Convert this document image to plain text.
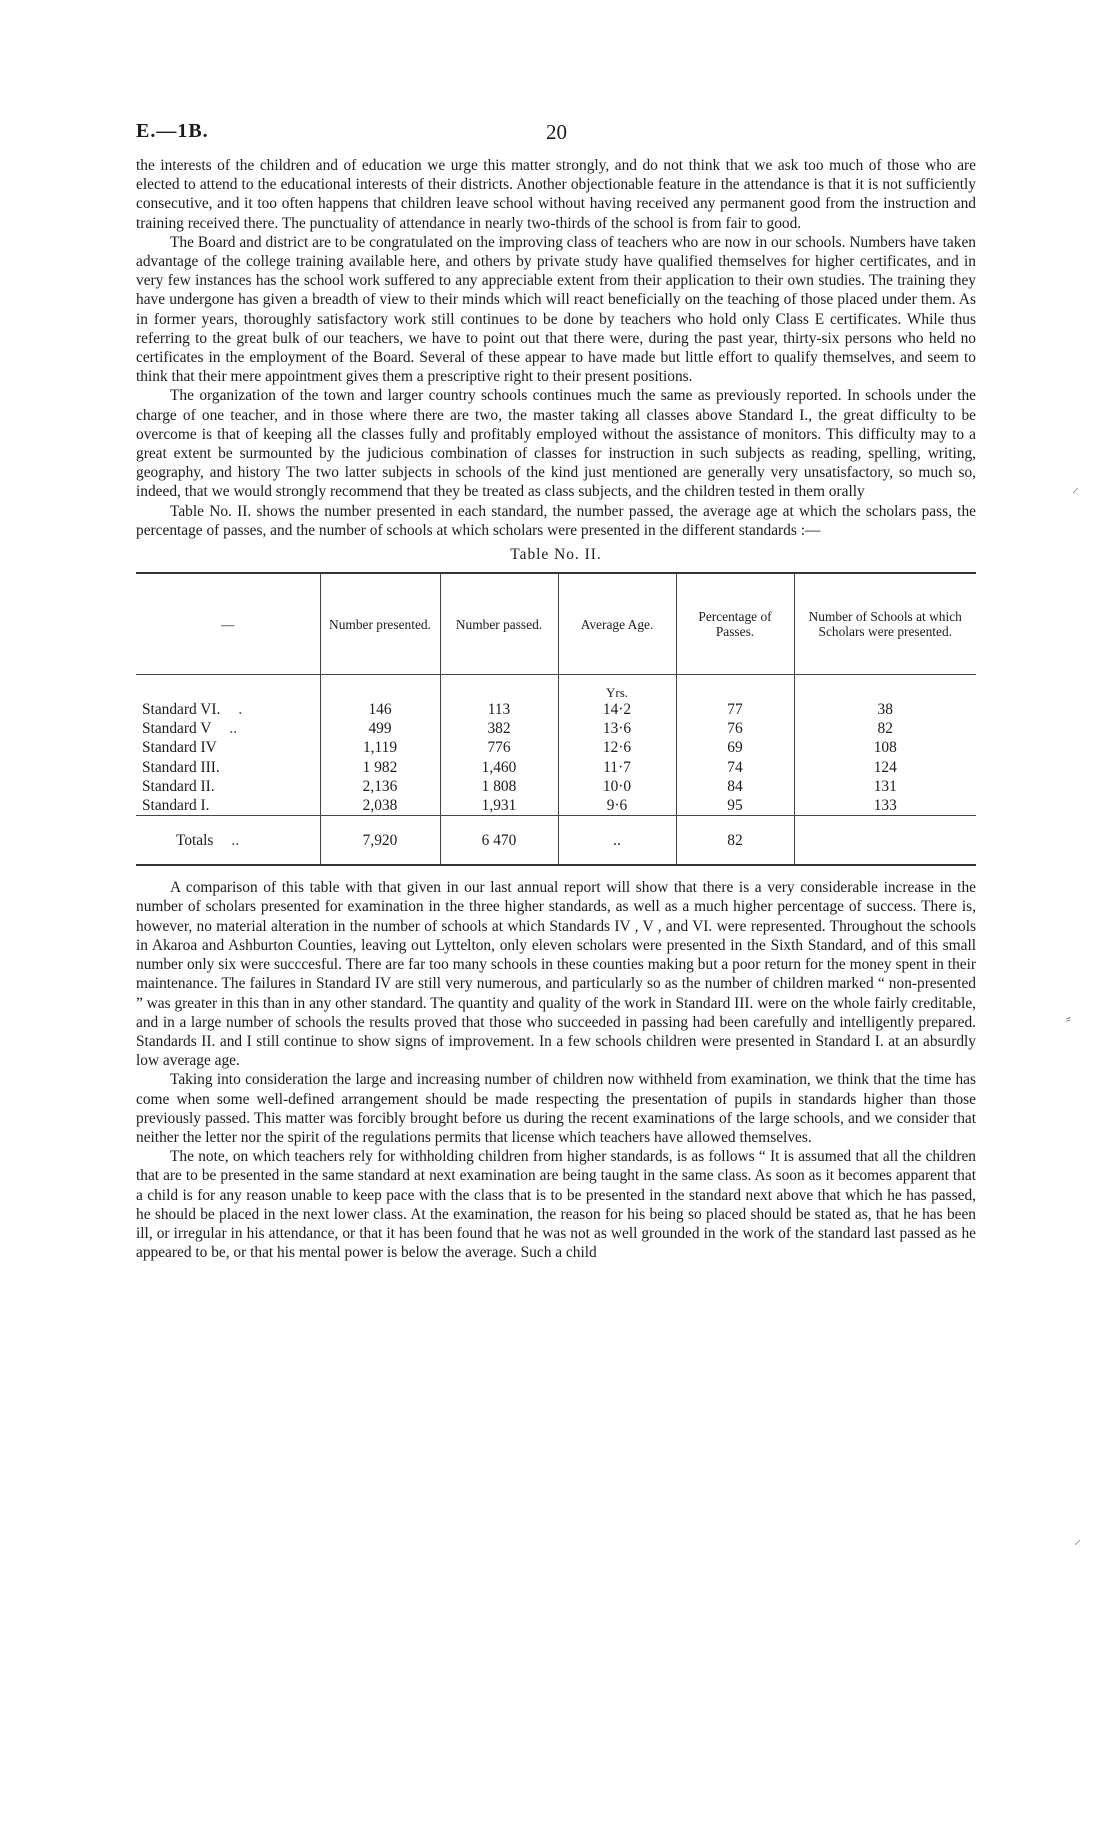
E.—1B.	20

the interests of the children and of education we urge this matter strongly, and do not think that we ask too much of those who are elected to attend to the educational interests of their districts. Another objectionable feature in the attendance is that it is not sufficiently consecutive, and it too often happens that children leave school without having received any permanent good from the instruction and training received there. The punctuality of attendance in nearly two-thirds of the school is from fair to good.

The Board and district are to be congratulated on the improving class of teachers who are now in our schools. Numbers have taken advantage of the college training available here, and others by private study have qualified themselves for higher certificates, and in very few instances has the school work suffered to any appreciable extent from their application to their own studies. The training they have undergone has given a breadth of view to their minds which will react beneficially on the teaching of those placed under them. As in former years, thoroughly satisfactory work still continues to be done by teachers who hold only Class E certificates. While thus referring to the great bulk of our teachers, we have to point out that there were, during the past year, thirty-six persons who held no certificates in the employment of the Board. Several of these appear to have made but little effort to qualify themselves, and seem to think that their mere appointment gives them a prescriptive right to their present positions.

The organization of the town and larger country schools continues much the same as previously reported. In schools under the charge of one teacher, and in those where there are two, the master taking all classes above Standard I., the great difficulty to be overcome is that of keeping all the classes fully and profitably employed without the assistance of monitors. This difficulty may to a great extent be surmounted by the judicious combination of classes for instruction in such subjects as reading, spelling, writing, geography, and history The two latter subjects in schools of the kind just mentioned are generally very unsatisfactory, so much so, indeed, that we would strongly recommend that they be treated as class subjects, and the children tested in them orally

Table No. II. shows the number presented in each standard, the number passed, the average age at which the scholars pass, the percentage of passes, and the number of schools at which scholars were presented in the different standards :—

Table No. II.
—	Number presented.	Number passed.	Average Age.	Percentage of Passes.	Number of Schools at which Scholars were presented.
			Yrs.		
Standard VI. .	146	113	14·2	77	38
Standard V ..	499	382	13·6	76	82
Standard IV	1,119	776	12·6	69	108
Standard III.	1 982	1,460	11·7	74	124
Standard II.	2,136	1 808	10·0	84	131
Standard I.	2,038	1,931	9·6	95	133
Totals ..	7,920	6 470	..	82	

A comparison of this table with that given in our last annual report will show that there is a very considerable increase in the number of scholars presented for examination in the three higher standards, as well as a much higher percentage of success. There is, however, no material alteration in the number of schools at which Standards IV , V , and VI. were represented. Throughout the schools in Akaroa and Ashburton Counties, leaving out Lyttelton, only eleven scholars were presented in the Sixth Standard, and of this small number only six were succcesful. There are far too many schools in these counties making but a poor return for the money spent in their maintenance. The failures in Standard IV are still very numerous, and particularly so as the number of children marked “ non-presented ” was greater in this than in any other standard. The quantity and quality of the work in Standard III. were on the whole fairly creditable, and in a large number of schools the results proved that those who succeeded in passing had been carefully and intelligently prepared. Standards II. and I still continue to show signs of improvement. In a few schools children were presented in Standard I. at an absurdly low average age.

Taking into consideration the large and increasing number of children now withheld from examination, we think that the time has come when some well-defined arrangement should be made respecting the presentation of pupils in standards higher than those previously passed. This matter was forcibly brought before us during the recent examinations of the large schools, and we consider that neither the letter nor the spirit of the regulations permits that license which teachers have allowed themselves.

The note, on which teachers rely for withholding children from higher standards, is as follows “ It is assumed that all the children that are to be presented in the same standard at next examination are being taught in the same class. As soon as it becomes apparent that a child is for any reason unable to keep pace with the class that is to be presented in the standard next above that which he has passed, he should be placed in the next lower class. At the examination, the reason for his being so placed should be stated as, that he has been ill, or irregular in his attendance, or that it has been found that he was not as well grounded in the work of the standard last passed as he appeared to be, or that his mental power is below the average. Such a child

⸝
⸗
⸝
